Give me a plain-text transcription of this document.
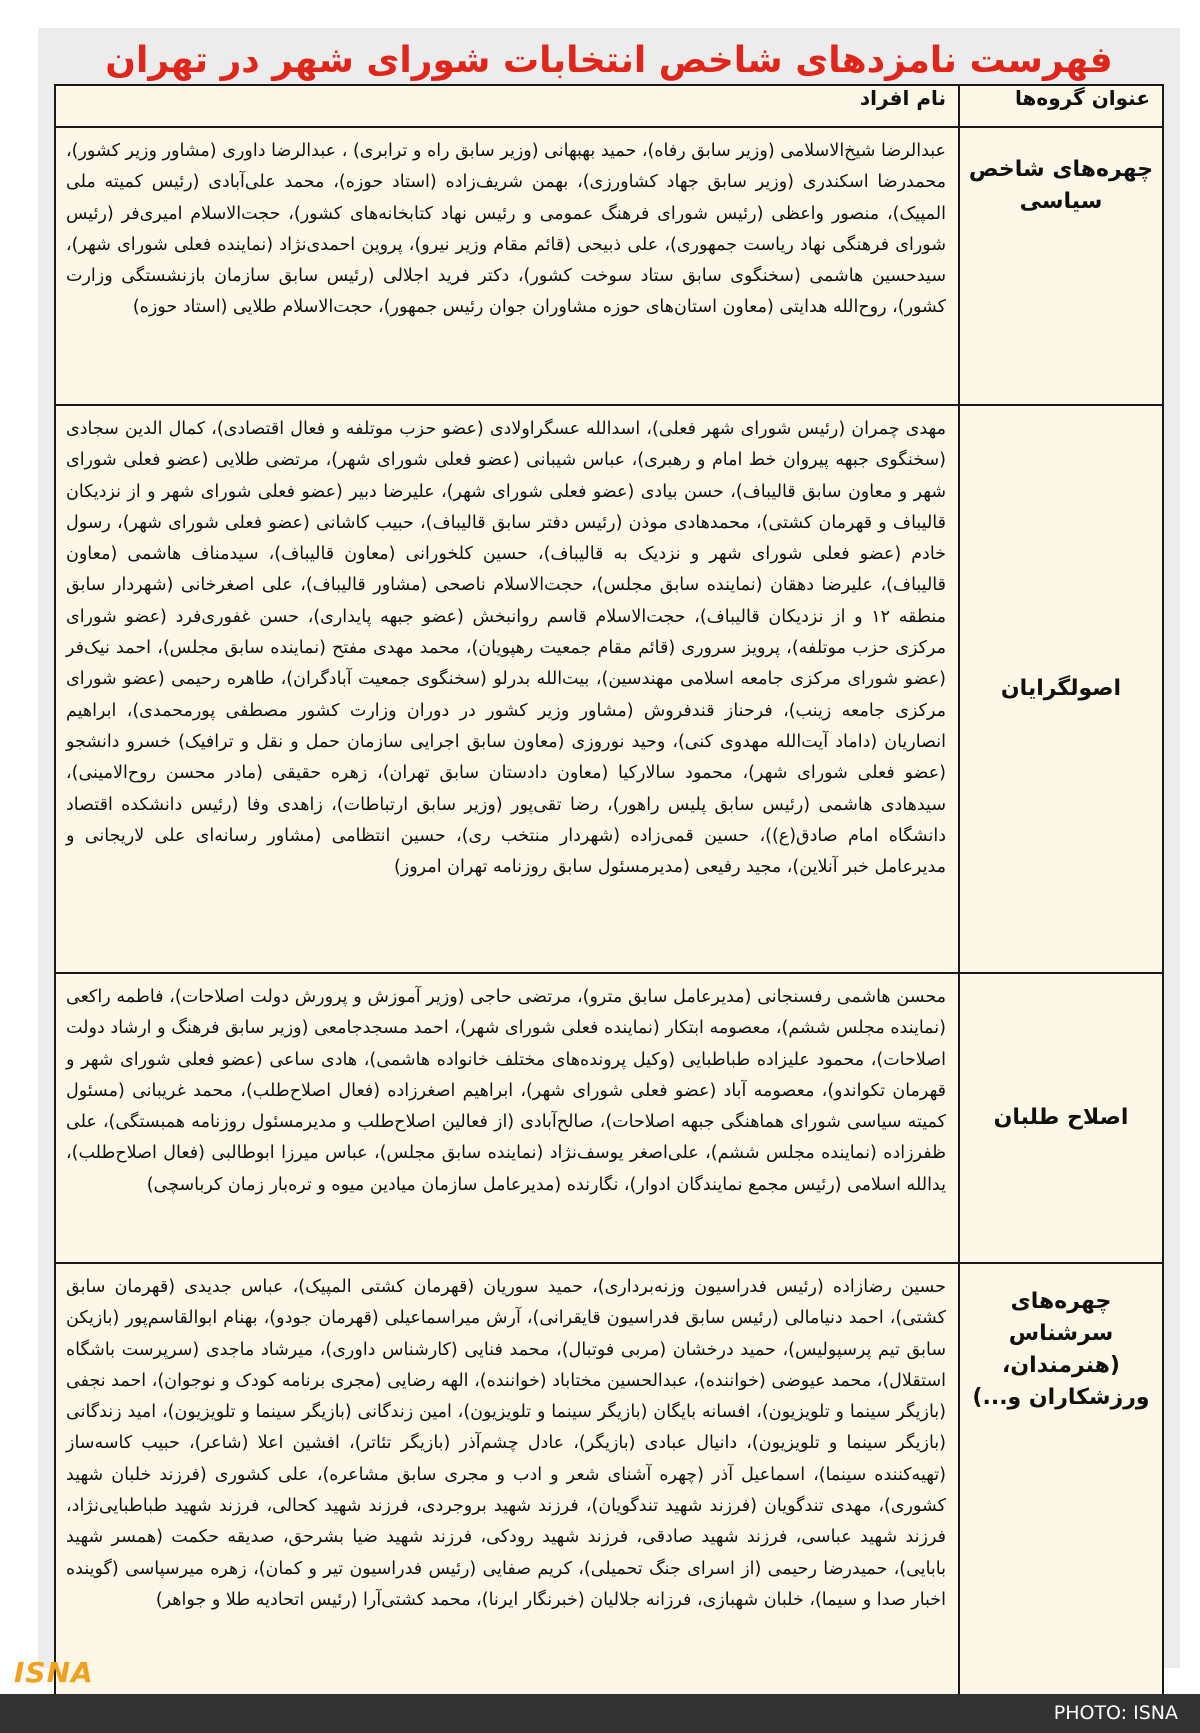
فهرست نامزدهای شاخص انتخابات شورای شهر در تهران
عنوان گروه‌ها	نام افراد
چهره‌های شاخص سیاسی	عبدالرضا شیخ‌الاسلامی (وزیر سابق رفاه)، حمید بهبهانی (وزیر سابق راه و ترابری) ، عبدالرضا داوری (مشاور وزیر کشور)، محمدرضا اسکندری (وزیر سابق جهاد کشاورزی)، بهمن شریف‌زاده (استاد حوزه)، محمد علی‌آبادی (رئیس کمیته ملی المپیک)، منصور واعظی (رئیس شورای فرهنگ عمومی و رئیس نهاد کتابخانه‌های کشور)، حجت‌الاسلام امیری‌فر (رئیس شورای فرهنگی نهاد ریاست جمهوری)، علی ذبیحی (قائم مقام وزیر نیرو)، پروین احمدی‌نژاد (نماینده فعلی شورای شهر)، سیدحسین هاشمی (سخنگوی سابق ستاد سوخت کشور)، دکتر فرید اجلالی (رئیس سابق سازمان بازنشستگی وزارت کشور)، روح‌الله هدایتی (معاون استان‌های حوزه مشاوران جوان رئیس جمهور)، حجت‌الاسلام طلایی (استاد حوزه)
اصولگرایان	مهدی چمران (رئیس شورای شهر فعلی)، اسدالله عسگراولادی (عضو حزب موتلفه و فعال اقتصادی)، کمال الدین سجادی (سخنگوی جبهه پیروان خط امام و رهبری)، عباس شیبانی (عضو فعلی شورای شهر)، مرتضی طلایی (عضو فعلی شورای شهر و معاون سابق قالیباف)، حسن بیادی (عضو فعلی شورای شهر)، علیرضا دبیر (عضو فعلی شورای شهر و از نزدیکان قالیباف و قهرمان کشتی)، محمدهادی موذن (رئیس دفتر سابق قالیباف)، حبیب کاشانی (عضو فعلی شورای شهر)، رسول خادم (عضو فعلی شورای شهر و نزدیک به قالیباف)، حسین کلخورانی (معاون قالیباف)، سیدمناف هاشمی (معاون قالیباف)، علیرضا دهقان (نماینده سابق مجلس)، حجت‌الاسلام ناصحی (مشاور قالیباف)، علی اصغرخانی (شهردار سابق منطقه ۱۲ و از نزدیکان قالیباف)، حجت‌الاسلام قاسم روانبخش (عضو جبهه پایداری)، حسن غفوری‌فرد (عضو شورای مرکزی حزب موتلفه)، پرویز سروری (قائم مقام جمعیت رهپویان)، محمد مهدی مفتح (نماینده سابق مجلس)، احمد نیک‌فر (عضو شورای مرکزی جامعه اسلامی مهندسین)، بیت‌الله بدرلو (سخنگوی جمعیت آبادگران)، طاهره رحیمی (عضو شورای مرکزی جامعه زینب)، فرحناز قندفروش (مشاور وزیر کشور در دوران وزارت کشور مصطفی پورمحمدی)، ابراهیم انصاریان (داماد آیت‌الله مهدوی کنی)، وحید نوروزی (معاون سابق اجرایی سازمان حمل و نقل و ترافیک) خسرو دانشجو (عضو فعلی شورای شهر)، محمود سالارکیا (معاون دادستان سابق تهران)، زهره حقیقی (مادر محسن روح‌الامینی)، سیدهادی هاشمی (رئیس سابق پلیس راهور)، رضا تقی‌پور (وزیر سابق ارتباطات)، زاهدی وفا (رئیس دانشکده اقتصاد دانشگاه امام صادق(ع))، حسین قمی‌زاده (شهردار منتخب ری)، حسین انتظامی (مشاور رسانه‌ای علی لاریجانی و مدیرعامل خبر آنلاین)، مجید رفیعی (مدیرمسئول سابق روزنامه تهران امروز)
اصلاح طلبان	محسن هاشمی رفسنجانی (مدیرعامل سابق مترو)، مرتضی حاجی (وزیر آموزش و پرورش دولت اصلاحات)، فاطمه راکعی (نماینده مجلس ششم)، معصومه ابتکار (نماینده فعلی شورای شهر)، احمد مسجدجامعی (وزیر سابق فرهنگ و ارشاد دولت اصلاحات)، محمود علیزاده طباطبایی (وکیل پرونده‌های مختلف خانواده هاشمی)، هادی ساعی (عضو فعلی شورای شهر و قهرمان تکواندو)، معصومه آباد (عضو فعلی شورای شهر)، ابراهیم اصغرزاده (فعال اصلاح‌طلب)، محمد غریبانی (مسئول کمیته سیاسی شورای هماهنگی جبهه اصلاحات)، صالح‌آبادی (از فعالین اصلاح‌طلب و مدیرمسئول روزنامه همبستگی)، علی ظفرزاده (نماینده مجلس ششم)، علی‌اصغر یوسف‌نژاد (نماینده سابق مجلس)، عباس میرزا ابوطالبی (فعال اصلاح‌طلب)، یدالله اسلامی (رئیس مجمع نمایندگان ادوار)، نگارنده (مدیرعامل سازمان میادین میوه و تره‌بار زمان کرباسچی)
چهره‌های سرشناس (هنرمندان، ورزشکاران و...)	حسین رضازاده (رئیس فدراسیون وزنه‌برداری)، حمید سوریان (قهرمان کشتی المپیک)، عباس جدیدی (قهرمان سابق کشتی)، احمد دنیامالی (رئیس سابق فدراسیون قایقرانی)، آرش میراسماعیلی (قهرمان جودو)، بهنام ابوالقاسم‌پور (بازیکن سابق تیم پرسپولیس)، حمید درخشان (مربی فوتبال)، محمد فنایی (کارشناس داوری)، میرشاد ماجدی (سرپرست باشگاه استقلال)، محمد عیوضی (خواننده)، عبدالحسین مختاباد (خواننده)، الهه رضایی (مجری برنامه کودک و نوجوان)، احمد نجفی (بازیگر سینما و تلویزیون)، افسانه بایگان (بازیگر سینما و تلویزیون)، امین زندگانی (بازیگر سینما و تلویزیون)، امید زندگانی (بازیگر سینما و تلویزیون)، دانیال عبادی (بازیگر)، عادل چشم‌آذر (بازیگر تئاتر)، افشین اعلا (شاعر)، حبیب کاسه‌ساز (تهیه‌کننده سینما)، اسماعیل آذر (چهره آشنای شعر و ادب و مجری سابق مشاعره)، علی کشوری (فرزند خلبان شهید کشوری)، مهدی تندگویان (فرزند شهید تندگویان)، فرزند شهید بروجردی، فرزند شهید کحالی، فرزند شهید طباطبایی‌نژاد، فرزند شهید عباسی، فرزند شهید صادقی، فرزند شهید رودکی، فرزند شهید ضیا بشرحق، صدیقه حکمت (همسر شهید بابایی)، حمیدرضا رحیمی (از اسرای جنگ تحمیلی)، کریم صفایی (رئیس فدراسیون تیر و کمان)، زهره میرسپاسی (گوینده اخبار صدا و سیما)، خلبان شهبازی، فرزانه جلالیان (خبرنگار ایرنا)، محمد کشتی‌آرا (رئیس اتحادیه طلا و جواهر)
ISNA
PHOTO: ISNA
